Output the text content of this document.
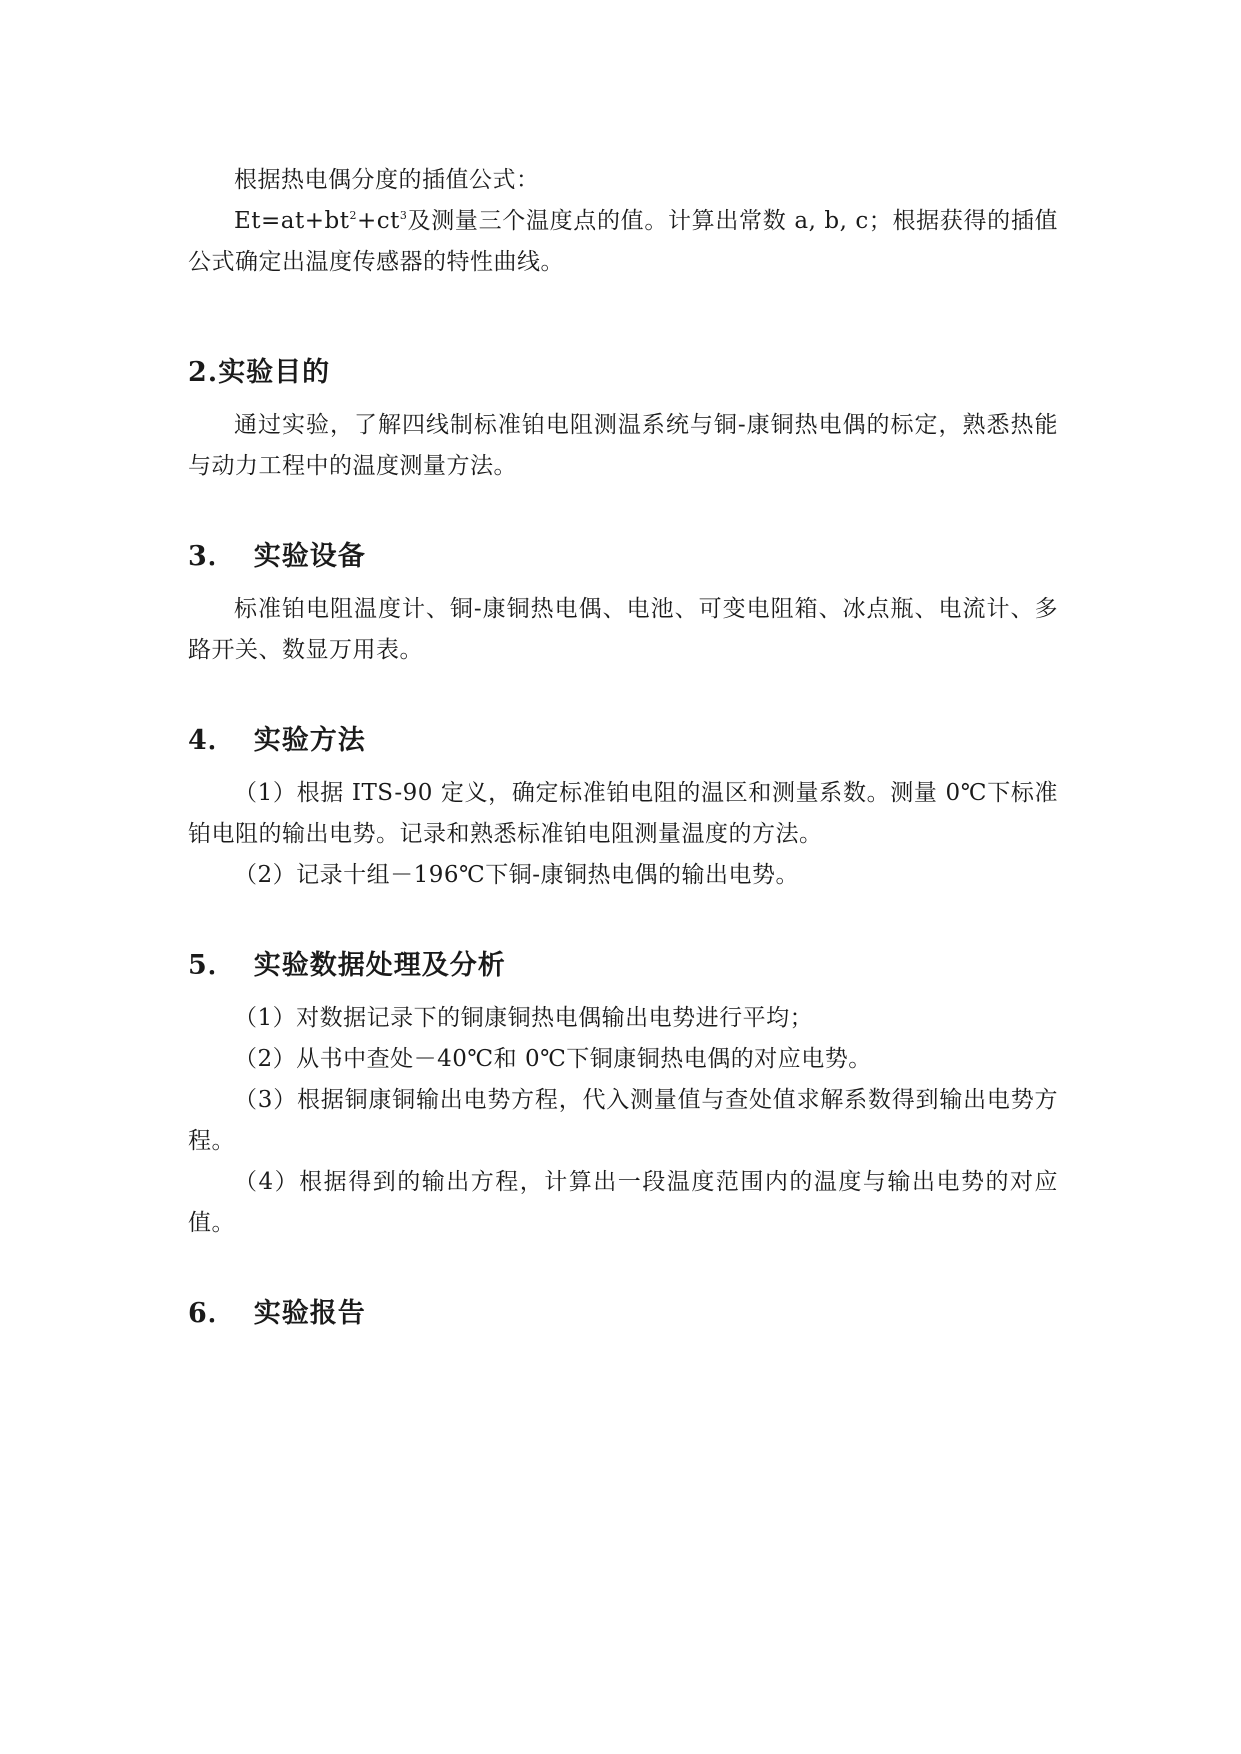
根据热电偶分度的插值公式：

$Et=at+bt^2+ct^3$及测量三个温度点的值。计算出常数 a, b, c；根据获得的插值公式确定出温度传感器的特性曲线。

2.实验目的

通过实验，了解四线制标准铂电阻测温系统与铜-康铜热电偶的标定，熟悉热能与动力工程中的温度测量方法。

3． 实验设备

标准铂电阻温度计、铜-康铜热电偶、电池、可变电阻箱、冰点瓶、电流计、多路开关、数显万用表。

4． 实验方法

（1）根据 ITS-90 定义，确定标准铂电阻的温区和测量系数。测量 0℃下标准铂电阻的输出电势。记录和熟悉标准铂电阻测量温度的方法。

（2）记录十组－196℃下铜-康铜热电偶的输出电势。

5． 实验数据处理及分析

（1）对数据记录下的铜康铜热电偶输出电势进行平均；

（2）从书中查处－40℃和 0℃下铜康铜热电偶的对应电势。

（3）根据铜康铜输出电势方程，代入测量值与查处值求解系数得到输出电势方程。

（4）根据得到的输出方程，计算出一段温度范围内的温度与输出电势的对应值。

6． 实验报告
